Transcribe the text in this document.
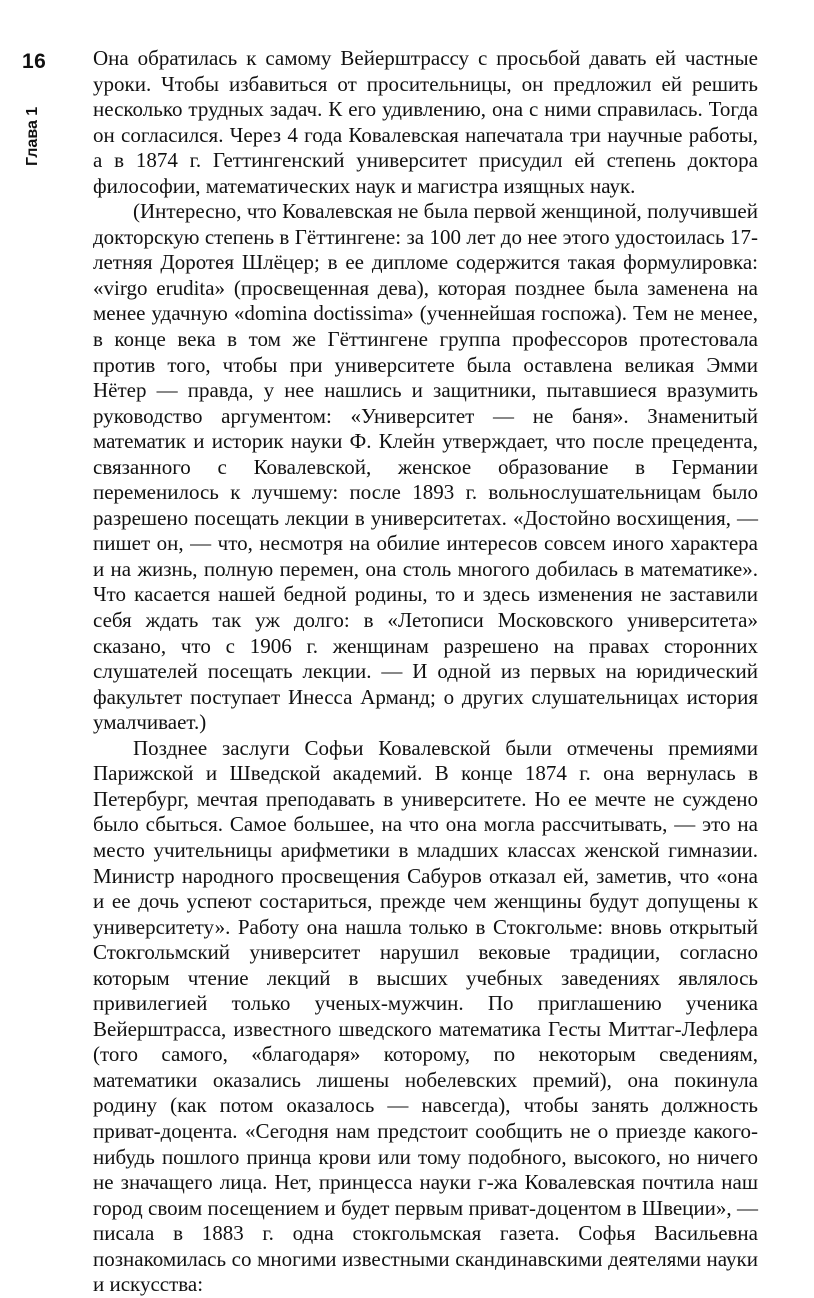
16
Глава 1

Она обратилась к самому Вейерштрассу с просьбой давать ей частные уроки. Чтобы избавиться от просительницы, он предложил ей решить несколько трудных задач. К его удивлению, она с ними справилась. Тогда он согласился. Через 4 года Ковалевская напечатала три научные работы, а в 1874 г. Геттингенский университет присудил ей степень доктора философии, математических наук и магистра изящных наук.

(Интересно, что Ковалевская не была первой женщиной, получившей докторскую степень в Гёттингене: за 100 лет до нее этого удостоилась 17-летняя Доротея Шлёцер; в ее дипломе содержится такая формулировка: «virgo erudita» (просвещенная дева), которая позднее была заменена на менее удачную «domina doctissima» (ученнейшая госпожа). Тем не менее, в конце века в том же Гёттингене группа профессоров протестовала против того, чтобы при университете была оставлена великая Эмми Нётер — правда, у нее нашлись и защитники, пытавшиеся вразумить руководство аргументом: «Университет — не баня». Знаменитый математик и историк науки Ф. Клейн утверждает, что после прецедента, связанного с Ковалевской, женское образование в Германии переменилось к лучшему: после 1893 г. вольнослушательницам было разрешено посещать лекции в университетах. «Достойно восхищения, — пишет он, — что, несмотря на обилие интересов совсем иного характера и на жизнь, полную перемен, она столь многого добилась в математике». Что касается нашей бедной родины, то и здесь изменения не заставили себя ждать так уж долго: в «Летописи Московского университета» сказано, что с 1906 г. женщинам разрешено на правах сторонних слушателей посещать лекции. — И одной из первых на юридический факультет поступает Инесса Арманд; о других слушательницах история умалчивает.)

Позднее заслуги Софьи Ковалевской были отмечены премиями Парижской и Шведской академий. В конце 1874 г. она вернулась в Петербург, мечтая преподавать в университете. Но ее мечте не суждено было сбыться. Самое большее, на что она могла рассчитывать, — это на место учительницы арифметики в младших классах женской гимназии. Министр народного просвещения Сабуров отказал ей, заметив, что «она и ее дочь успеют состариться, прежде чем женщины будут допущены к университету». Работу она нашла только в Стокгольме: вновь открытый Стокгольмский университет нарушил вековые традиции, согласно которым чтение лекций в высших учебных заведениях являлось привилегией только ученых-мужчин. По приглашению ученика Вейерштрасса, известного шведского математика Гесты Миттаг-Лефлера (того самого, «благодаря» которому, по некоторым сведениям, математики оказались лишены нобелевских премий), она покинула родину (как потом оказалось — навсегда), чтобы занять должность приват-доцента. «Сегодня нам предстоит сообщить не о приезде какого-нибудь пошлого принца крови или тому подобного, высокого, но ничего не значащего лица. Нет, принцесса науки г-жа Ковалевская почтила наш город своим посещением и будет первым приват-доцентом в Швеции», — писала в 1883 г. одна стокгольмская газета. Софья Васильевна познакомилась со многими известными скандинавскими деятелями науки и искусства:
